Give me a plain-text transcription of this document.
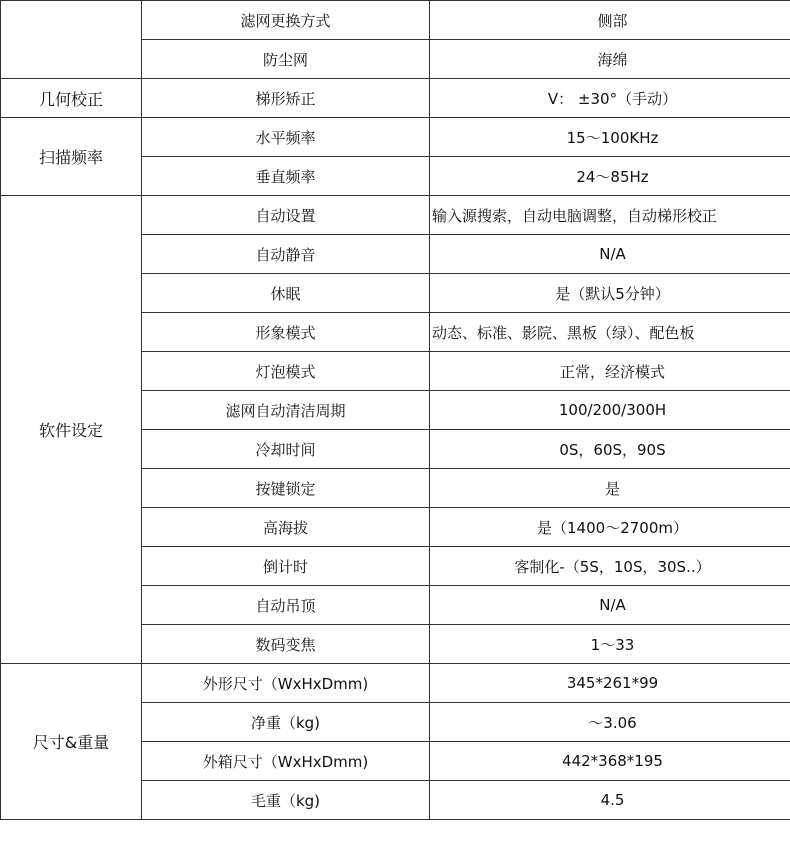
	滤网更换方式	侧部
	防尘网	海绵
几何校正	梯形矫正	V： ±30°（手动）
扫描频率	水平频率	15～100KHz
	垂直频率	24～85Hz
软件设定	自动设置	输入源搜索，自动电脑调整，自动梯形校正
	自动静音	N/A
	休眠	是（默认5分钟）
	形象模式	动态、标准、影院、黑板（绿）、配色板
	灯泡模式	正常，经济模式
	滤网自动清洁周期	100/200/300H
	冷却时间	0S，60S，90S
	按键锁定	是
	高海拔	是（1400～2700m）
	倒计时	客制化-（5S，10S，30S..）
	自动吊顶	N/A
	数码变焦	1～33
尺寸&重量	外形尺寸（WxHxDmm)	345*261*99
	净重（kg)	～3.06
	外箱尺寸（WxHxDmm)	442*368*195
	毛重（kg)	4.5
